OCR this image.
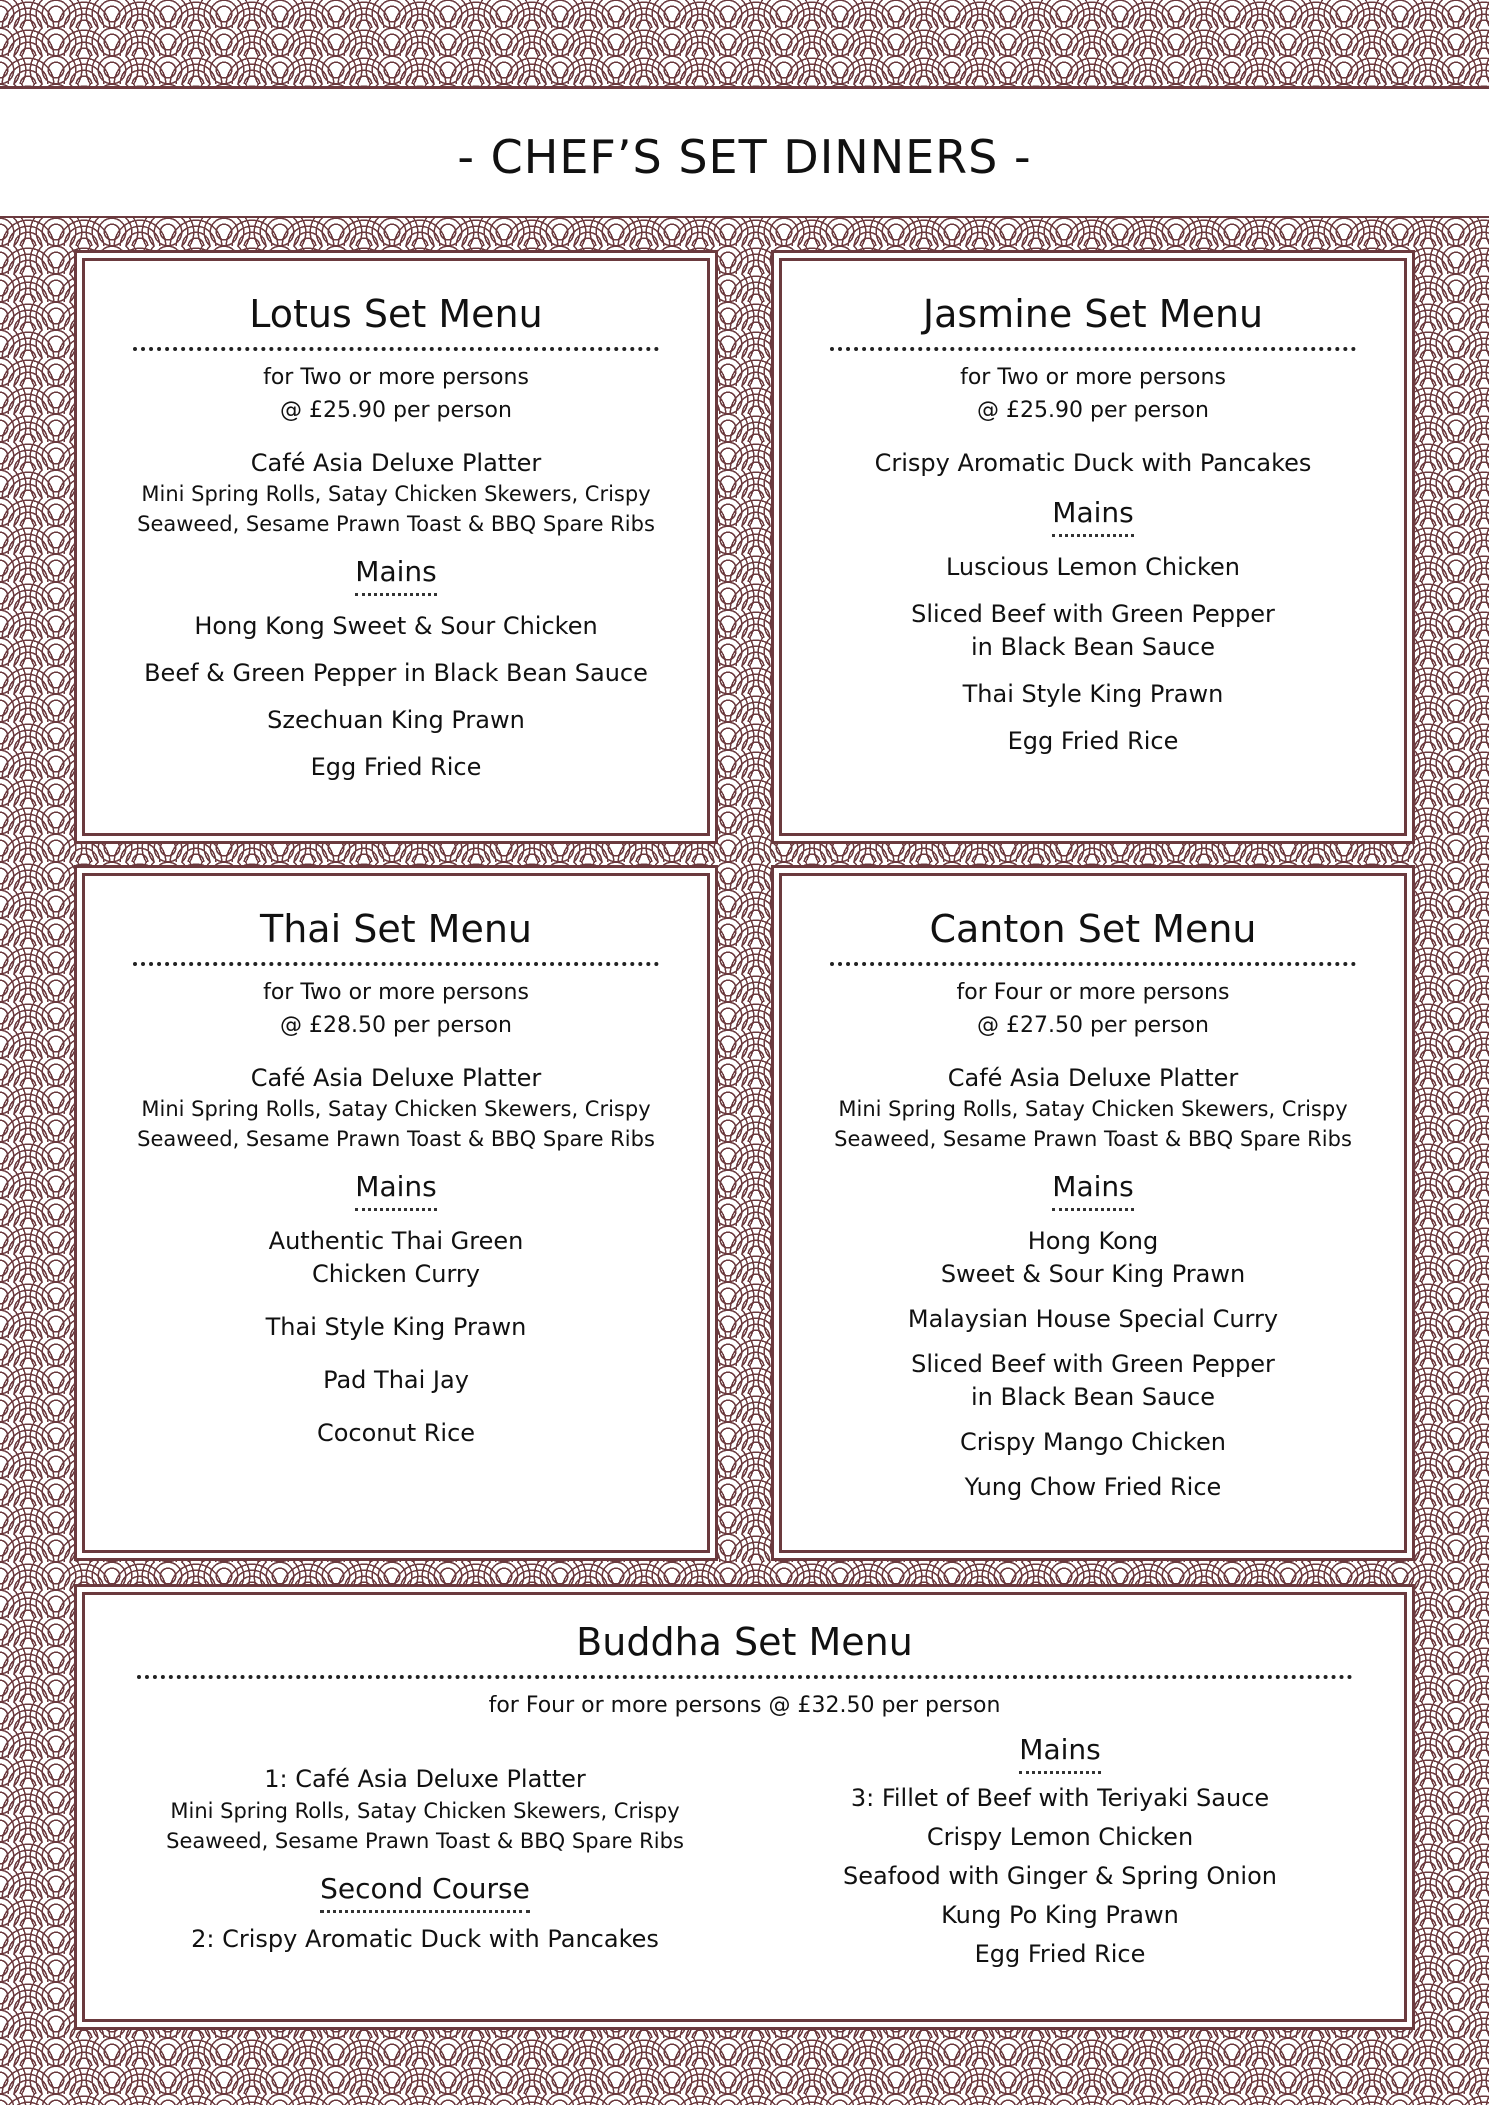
- CHEF’S SET DINNERS -
Lotus Set Menu
for Two or more persons
@ £25.90 per person
Café Asia Deluxe Platter
Mini Spring Rolls, Satay Chicken Skewers, Crispy
Seaweed, Sesame Prawn Toast & BBQ Spare Ribs
Mains
Hong Kong Sweet & Sour Chicken
Beef & Green Pepper in Black Bean Sauce
Szechuan King Prawn
Egg Fried Rice
Jasmine Set Menu
for Two or more persons
@ £25.90 per person
Crispy Aromatic Duck with Pancakes
Mains
Luscious Lemon Chicken
Sliced Beef with Green Pepper
in Black Bean Sauce
Thai Style King Prawn
Egg Fried Rice
Thai Set Menu
for Two or more persons
@ £28.50 per person
Café Asia Deluxe Platter
Mini Spring Rolls, Satay Chicken Skewers, Crispy
Seaweed, Sesame Prawn Toast & BBQ Spare Ribs
Mains
Authentic Thai Green
Chicken Curry
Thai Style King Prawn
Pad Thai Jay
Coconut Rice
Canton Set Menu
for Four or more persons
@ £27.50 per person
Café Asia Deluxe Platter
Mini Spring Rolls, Satay Chicken Skewers, Crispy
Seaweed, Sesame Prawn Toast & BBQ Spare Ribs
Mains
Hong Kong
Sweet & Sour King Prawn
Malaysian House Special Curry
Sliced Beef with Green Pepper
in Black Bean Sauce
Crispy Mango Chicken
Yung Chow Fried Rice
Buddha Set Menu
for Four or more persons @ £32.50 per person
1: Café Asia Deluxe Platter
Mini Spring Rolls, Satay Chicken Skewers, Crispy
Seaweed, Sesame Prawn Toast & BBQ Spare Ribs
Second Course
2: Crispy Aromatic Duck with Pancakes
Mains
3: Fillet of Beef with Teriyaki Sauce
Crispy Lemon Chicken
Seafood with Ginger & Spring Onion
Kung Po King Prawn
Egg Fried Rice
